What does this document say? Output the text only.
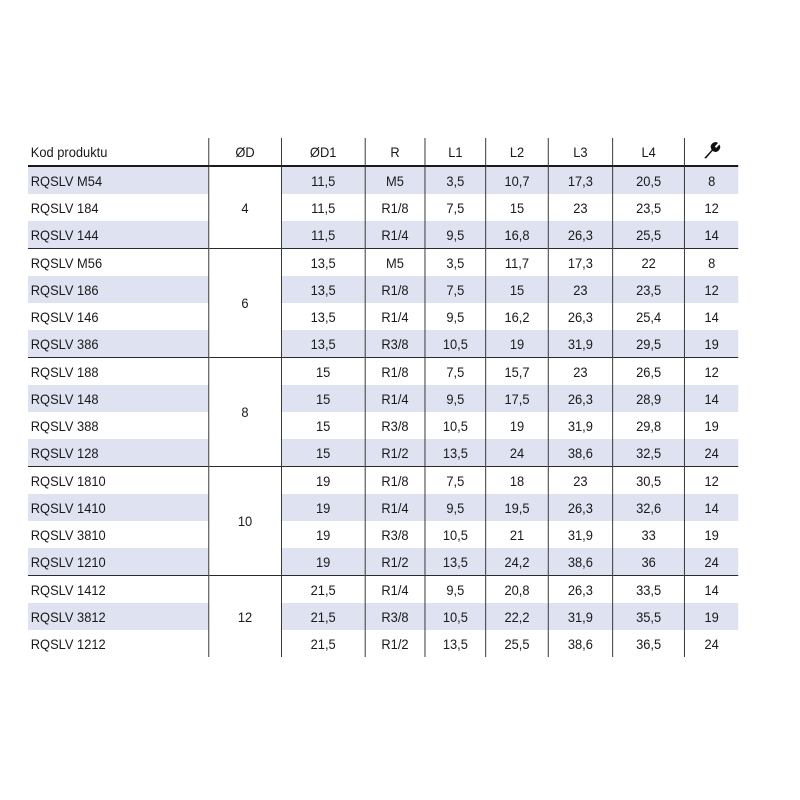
Kod produktu	ØD	ØD1	R	L1	L2	L3	L4	
RQSLV M54	4	11,5	M5	3,5	10,7	17,3	20,5	8
RQSLV 184		11,5	R1/8	7,5	15	23	23,5	12
RQSLV 144		11,5	R1/4	9,5	16,8	26,3	25,5	14
RQSLV M56	6	13,5	M5	3,5	11,7	17,3	22	8
RQSLV 186		13,5	R1/8	7,5	15	23	23,5	12
RQSLV 146		13,5	R1/4	9,5	16,2	26,3	25,4	14
RQSLV 386		13,5	R3/8	10,5	19	31,9	29,5	19
RQSLV 188	8	15	R1/8	7,5	15,7	23	26,5	12
RQSLV 148		15	R1/4	9,5	17,5	26,3	28,9	14
RQSLV 388		15	R3/8	10,5	19	31,9	29,8	19
RQSLV 128		15	R1/2	13,5	24	38,6	32,5	24
RQSLV 1810	10	19	R1/8	7,5	18	23	30,5	12
RQSLV 1410		19	R1/4	9,5	19,5	26,3	32,6	14
RQSLV 3810		19	R3/8	10,5	21	31,9	33	19
RQSLV 1210		19	R1/2	13,5	24,2	38,6	36	24
RQSLV 1412	12	21,5	R1/4	9,5	20,8	26,3	33,5	14
RQSLV 3812		21,5	R3/8	10,5	22,2	31,9	35,5	19
RQSLV 1212		21,5	R1/2	13,5	25,5	38,6	36,5	24
